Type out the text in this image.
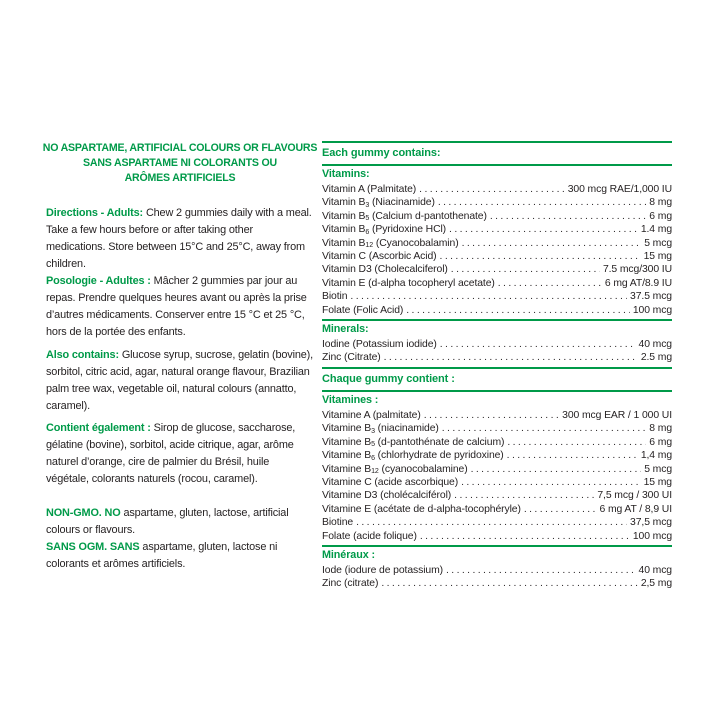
NO ASPARTAME, ARTIFICIAL COLOURS OR FLAVOURS
SANS ASPARTAME NI COLORANTS OU
ARÔMES ARTIFICIELS

Directions - Adults: Chew 2 gummies daily with a meal. Take a few hours before or after taking other medications. Store between 15°C and 25°C, away from children.

Posologie - Adultes : Mâcher 2 gummies par jour au repas. Prendre quelques heures avant ou après la prise d’autres médicaments. Conserver entre 15 °C et 25 °C, hors de la portée des enfants.

Also contains: Glucose syrup, sucrose, gelatin (bovine), sorbitol, citric acid, agar, natural orange flavour, Brazilian palm tree wax, vegetable oil, natural colours (annatto, caramel).

Contient également : Sirop de glucose, saccharose, gélatine (bovine), sorbitol, acide citrique, agar, arôme naturel d’orange, cire de palmier du Brésil, huile végétale, colorants naturels (rocou, caramel).

NON-GMO. NO aspartame, gluten, lactose, artificial colours or flavours.

SANS OGM. SANS aspartame, gluten, lactose ni colorants et arômes artificiels.

Each gummy contains:
Vitamins:
Vitamin A (Palmitate) .....	300 mcg RAE/1,000 IU
Vitamin $B_3$ (Niacinamide) .....	8 mg
Vitamin $B_5$ (Calcium d-pantothenate) .....	6 mg
Vitamin $B_6$ (Pyridoxine HCl) .....	1.4 mg
Vitamin $B_{12}$ (Cyanocobalamin) .....	5 mcg
Vitamin C (Ascorbic Acid) .....	15 mg
Vitamin D3 (Cholecalciferol) .....	7.5 mcg/300 IU
Vitamin E (d-alpha tocopheryl acetate) .....	6 mg AT/8.9 IU
Biotin .....	37.5 mcg
Folate (Folic Acid) .....	100 mcg
Minerals:
Iodine (Potassium iodide) .....	40 mcg
Zinc (Citrate) .....	2.5 mg
Chaque gummy contient :
Vitamines :
Vitamine A (palmitate) .....	300 mcg EAR / 1 000 UI
Vitamine $B_3$ (niacinamide) .....	8 mg
Vitamine $B_5$ (d-pantothénate de calcium) .....	6 mg
Vitamine $B_6$ (chlorhydrate de pyridoxine) .....	1,4 mg
Vitamine $B_{12}$ (cyanocobalamine) .....	5 mcg
Vitamine C (acide ascorbique) .....	15 mg
Vitamine D3 (cholécalciférol) .....	7,5 mcg / 300 UI
Vitamine E (acétate de d-alpha-tocophéryle) .....	6 mg AT / 8,9 UI
Biotine .....	37,5 mcg
Folate (acide folique) .....	100 mcg
Minéraux :
Iode (iodure de potassium) .....	40 mcg
Zinc (citrate) .....	2,5 mg
